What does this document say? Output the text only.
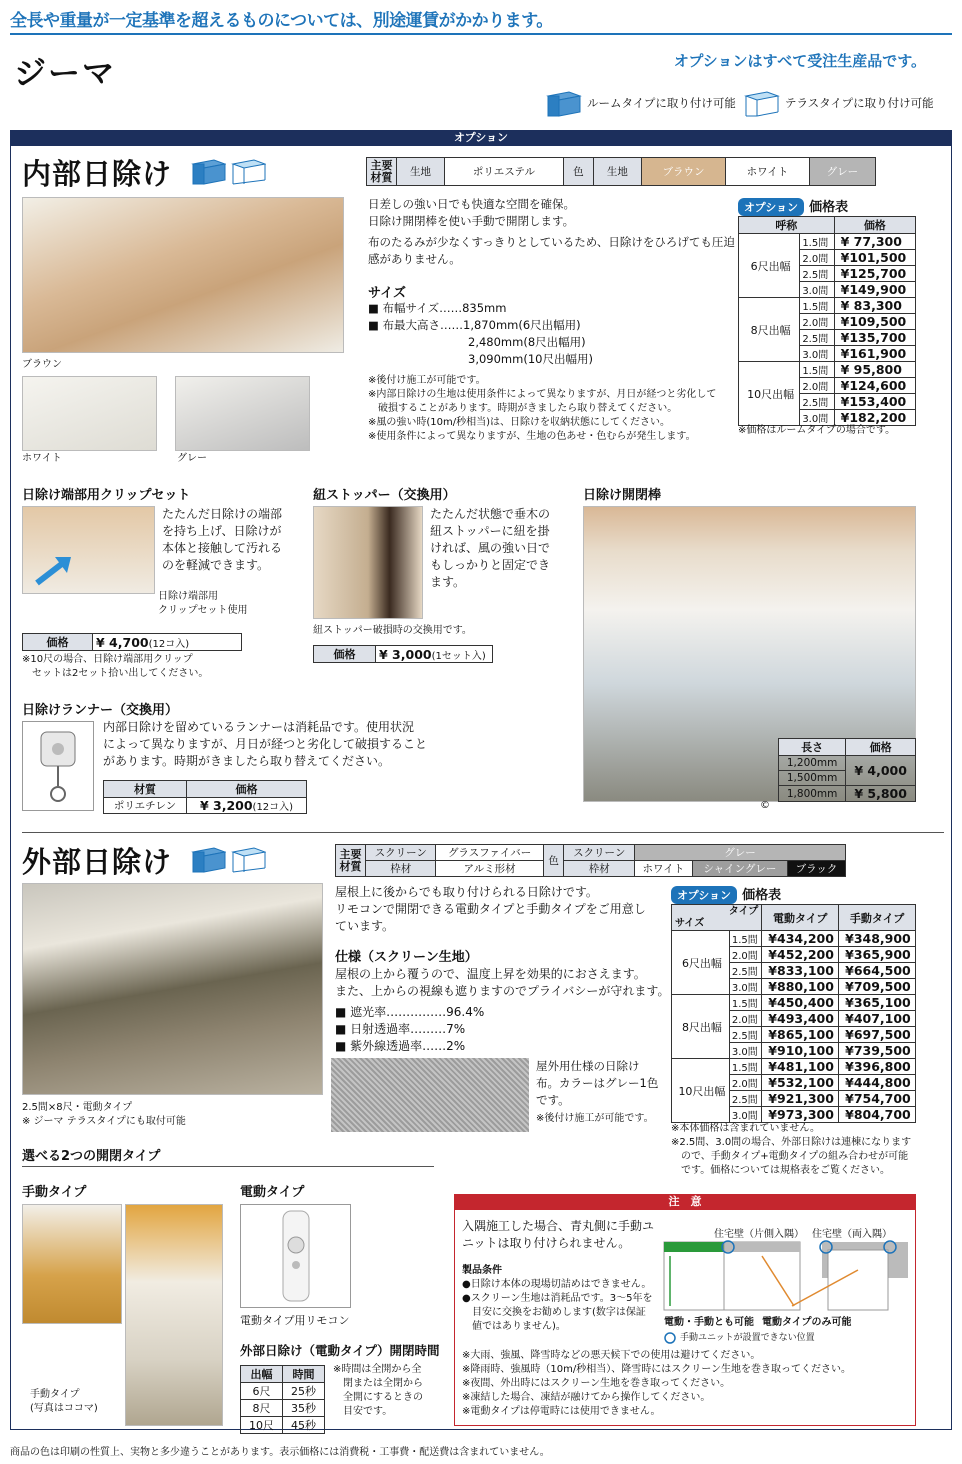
全長や重量が一定基準を超えるものについては、別途運賃がかかります。
ジーマ	オプションはすべて受注生産品です。
ルームタイプに取り付け可能	テラスタイプに取り付け可能
オプション
内部日除け	主要
材質	生地	ポリエステル	色	生地	ブラウン	ホワイト	グレー
ブラウン
ホワイト	グレー
日差しの強い日でも快適な空間を確保。
日除け開閉棒を使い手動で開閉します。
布のたるみが少なくすっきりとしているため、日除けをひろげても圧迫
感がありません。
サイズ
■ 布幅サイズ……835mm
■ 布最大高さ……1,870mm(6尺出幅用)
2,480mm(8尺出幅用)
3,090mm(10尺出幅用)
※後付け施工が可能です。
※内部日除けの生地は使用条件によって異なりますが、月日が経つと劣化して
　破損することがあります。時期がきましたら取り替えてください。
※風の強い時(10m/秒相当)は、日除けを収納状態にしてください。
※使用条件によって異なりますが、生地の色あせ・色むらが発生します。
オプション 価格表
呼称		価格
6尺出幅	1.5間	¥ 77,300
	2.0間	¥101,500
	2.5間	¥125,700
	3.0間	¥149,900
8尺出幅	1.5間	¥ 83,300
	2.0間	¥109,500
	2.5間	¥135,700
	3.0間	¥161,900
10尺出幅	1.5間	¥ 95,800
	2.0間	¥124,600
	2.5間	¥153,400
	3.0間	¥182,200
※価格はルームタイプの場合です。
日除け端部用クリップセット
たたんだ日除けの端部
を持ち上げ、日除けが
本体と接触して汚れる
のを軽減できます。
日除け端部用
クリップセット使用
価格	¥ 4,700(12コ入)
※10尺の場合、日除け端部用クリップ
　セットは2セット拾い出してください。
紐ストッパー（交換用）
たたんだ状態で垂木の
紐ストッパーに紐を掛
ければ、風の強い日で
もしっかりと固定でき
ます。
紐ストッパー破損時の交換用です。
価格	¥ 3,000(1セット入)
日除け開閉棒
©
長さ	価格
1,200mm	¥ 4,000
1,500mm	
1,800mm	¥ 5,800
日除けランナー（交換用）
内部日除けを留めているランナーは消耗品です。使用状況
によって異なりますが、月日が経つと劣化して破損すること
があります。時期がきましたら取り替えてください。
材質	価格
ポリエチレン	¥ 3,200(12コ入)
外部日除け	主要
材質	スクリーン	グラスファイバー	色	スクリーン	グレー		
	枠材	アルミ形材		枠材	ホワイト	シャイングレー	ブラック
2.5間×8尺・電動タイプ
※ ジーマ テラスタイプにも取付可能
屋根上に後からでも取り付けられる日除けです。
リモコンで開閉できる電動タイプと手動タイプをご用意し
ています。
仕様（スクリーン生地）
屋根の上から覆うので、温度上昇を効果的におさえます。
また、上からの視線も遮りますのでプライバシーが守れます。
■ 遮光率……………96.4%
■ 日射透過率………7%
■ 紫外線透過率……2%
屋外用仕様の日除け
布。カラーはグレー1色
です。
※後付け施工が可能です。
オプション 価格表
タイプ
サイズ		電動タイプ	手動タイプ
6尺出幅	1.5間	¥434,200	¥348,900
	2.0間	¥452,200	¥365,900
	2.5間	¥833,100	¥664,500
	3.0間	¥880,100	¥709,500
8尺出幅	1.5間	¥450,400	¥365,100
	2.0間	¥493,400	¥407,100
	2.5間	¥865,100	¥697,500
	3.0間	¥910,100	¥739,500
10尺出幅	1.5間	¥481,100	¥396,800
	2.0間	¥532,100	¥444,800
	2.5間	¥921,300	¥754,700
	3.0間	¥973,300	¥804,700
※本体価格は含まれていません。
※2.5間、3.0間の場合、外部日除けは連棟になります
　ので、手動タイプ+電動タイプの組み合わせが可能
　です。価格については規格表をご覧ください。
選べる2つの開閉タイプ
手動タイプ
手動タイプ
(写真はココマ)
電動タイプ
電動タイプ用リモコン
外部日除け（電動タイプ）開閉時間
出幅	時間
6尺	25秒
8尺	35秒
10尺	45秒
※時間は全開から全
　閉または全閉から
　全開にするときの
　目安です。
注　意
入隅施工した場合、青丸側に手動ユ
ニットは取り付けられません。
製品条件
●日除け本体の現場切詰めはできません。
●スクリーン生地は消耗品です。3～5年を
　目安に交換をお勧めします(数字は保証
　値ではありません)。
住宅壁（片側入隅） 住宅壁（両入隅）
電動・手動とも可能 電動タイプのみ可能
手動ユニットが設置できない位置
※大雨、強風、降雪時などの悪天候下での使用は避けてください。
※降雨時、強風時（10m/秒相当）、降雪時にはスクリーン生地を巻き取ってください。
※夜間、外出時にはスクリーン生地を巻き取ってください。
※凍結した場合、凍結が融けてから操作してください。
※電動タイプは停電時には使用できません。
商品の色は印刷の性質上、実物と多少違うことがあります。表示価格には消費税・工事費・配送費は含まれていません。
